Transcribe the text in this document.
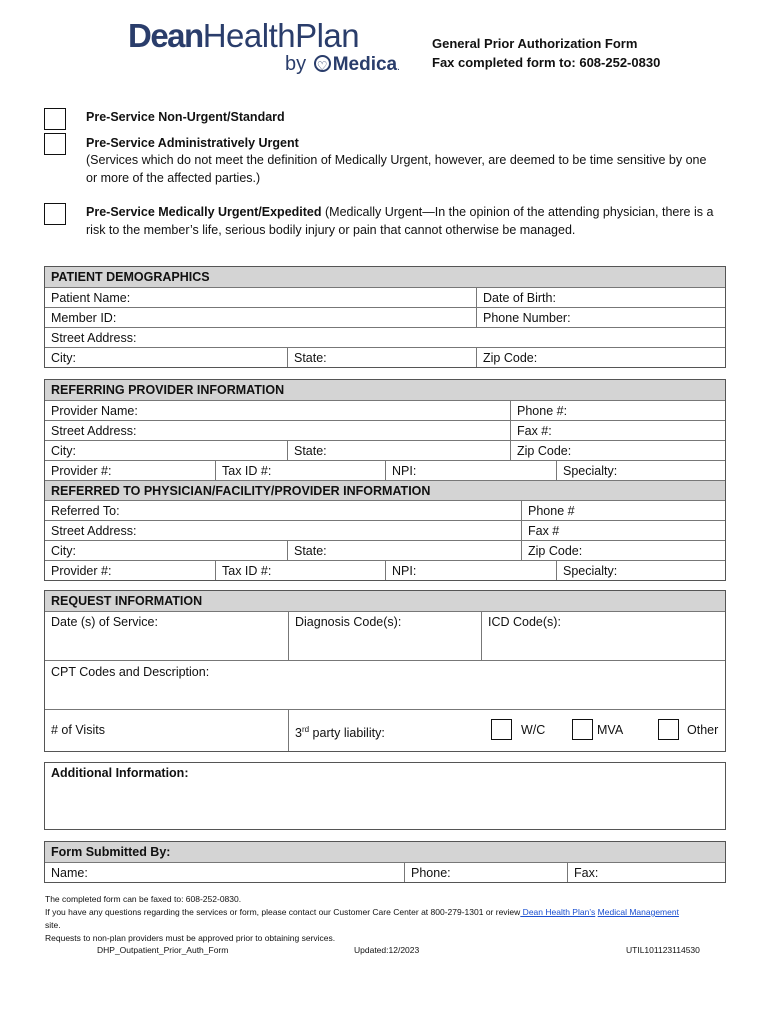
DeanHealthPlan
by ♡ Medica.
General Prior Authorization Form
Fax completed form to: 608-252-0830
Pre-Service Non-Urgent/Standard
Pre-Service Administratively Urgent
(Services which do not meet the definition of Medically Urgent, however, are deemed to be time sensitive by one
or more of the affected parties.)
Pre-Service Medically Urgent/Expedited (Medically Urgent—In the opinion of the attending physician, there is a
risk to the member’s life, serious bodily injury or pain that cannot otherwise be managed.
PATIENT DEMOGRAPHICS
Patient Name:	Date of Birth:
Member ID:	Phone Number:
Street Address:
City:	State:	Zip Code:
REFERRING PROVIDER INFORMATION
Provider Name:	Phone #:
Street Address:	Fax #:
City:	State:	Zip Code:
Provider #:	Tax ID #:	NPI:	Specialty:
REFERRED TO PHYSICIAN/FACILITY/PROVIDER INFORMATION
Referred To:	Phone #
Street Address:	Fax #
City:	State:	Zip Code:
Provider #:	Tax ID #:	NPI:	Specialty:
REQUEST INFORMATION
Date (s) of Service:	Diagnosis Code(s):	ICD Code(s):
CPT Codes and Description:
# of Visits	3rd party liability:	W/C	MVA	Other
Additional Information:
Form Submitted By:
Name:	Phone:	Fax:
The completed form can be faxed to: 608-252-0830.
If you have any questions regarding the services or form, please contact our Customer Care Center at 800-279-1301 or review Dean Health Plan’s Medical Management
site.
Requests to non-plan providers must be approved prior to obtaining services.
DHP_Outpatient_Prior_Auth_Form	Updated:12/2023	UTIL101123114530
